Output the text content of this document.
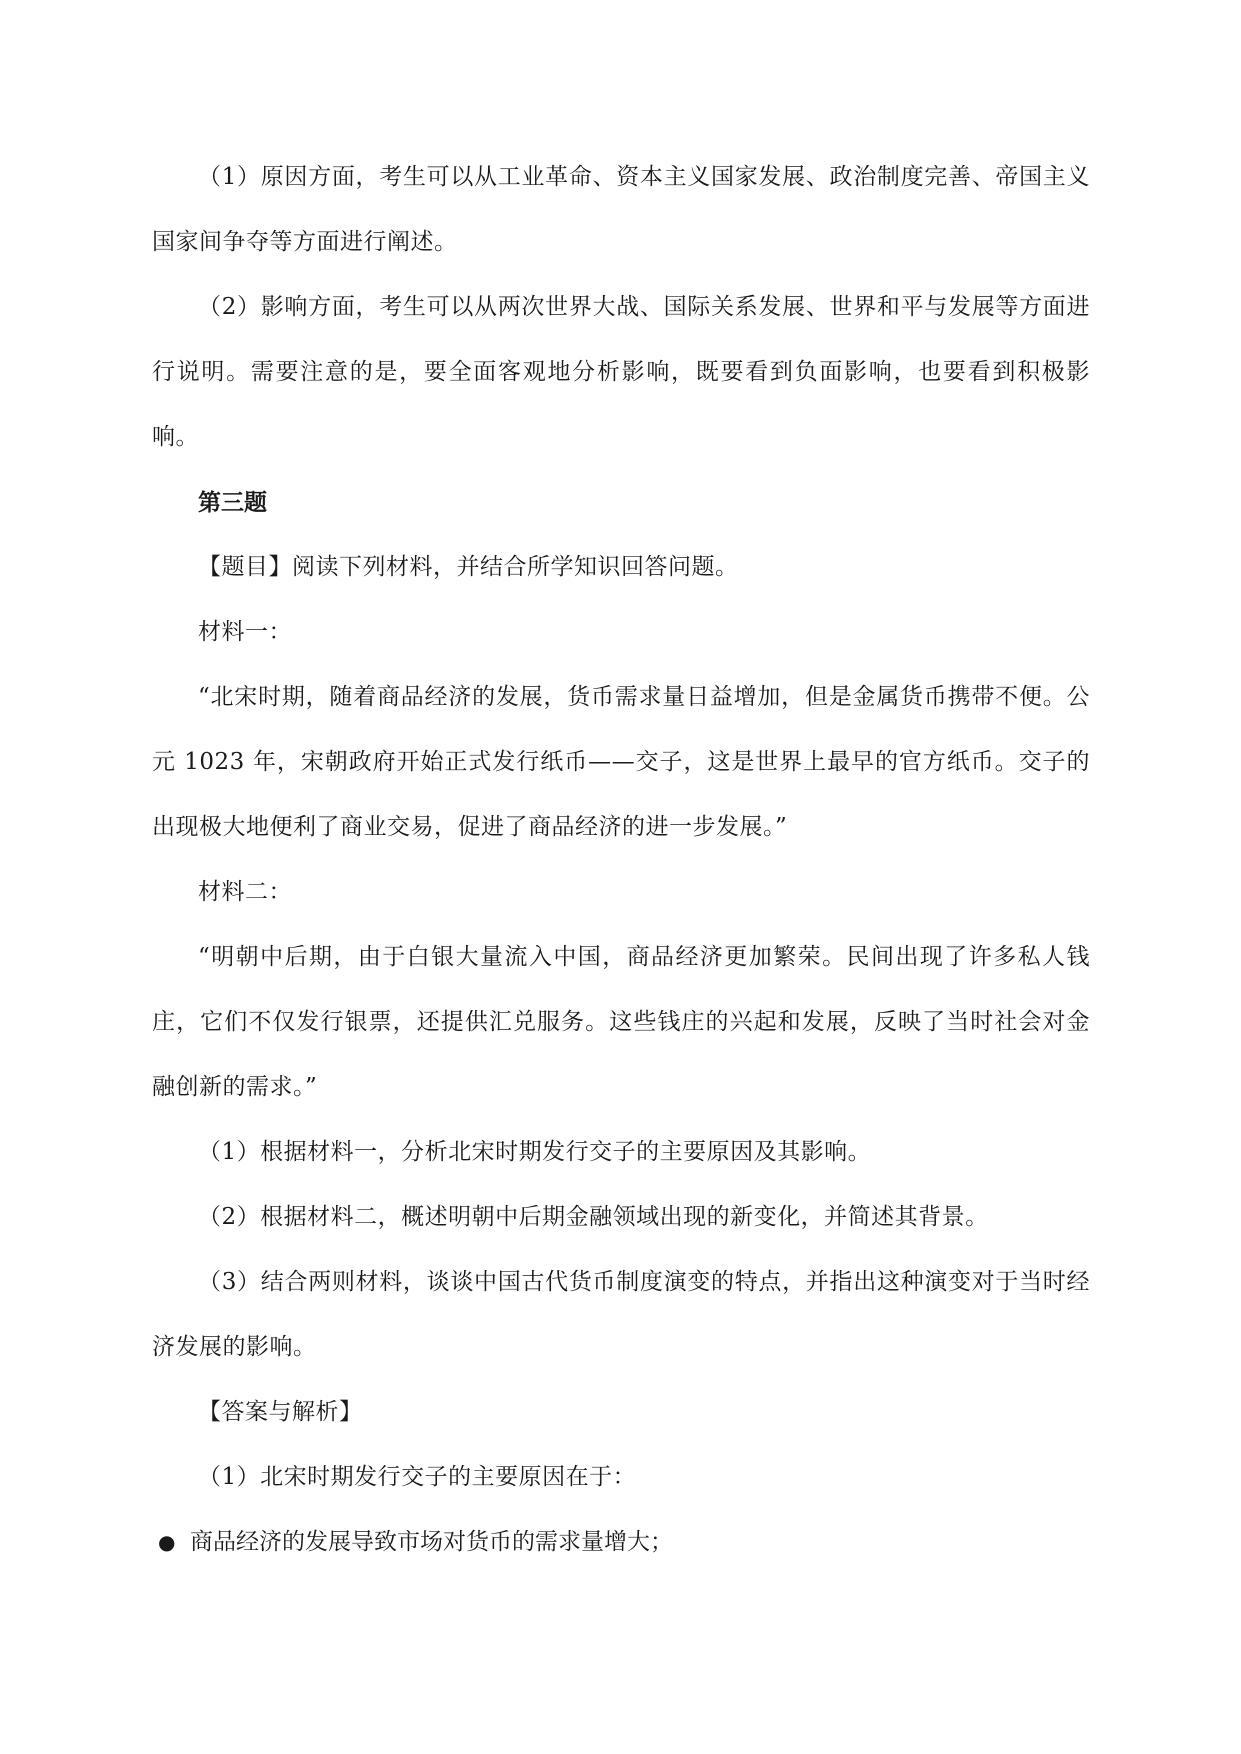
（1）原因方面，考生可以从工业革命、资本主义国家发展、政治制度完善、帝国主义国家间争夺等方面进行阐述。

（2）影响方面，考生可以从两次世界大战、国际关系发展、世界和平与发展等方面进行说明。需要注意的是，要全面客观地分析影响，既要看到负面影响，也要看到积极影响。

第三题

【题目】阅读下列材料，并结合所学知识回答问题。

材料一：

“北宋时期，随着商品经济的发展，货币需求量日益增加，但是金属货币携带不便。公元 1023 年，宋朝政府开始正式发行纸币——交子，这是世界上最早的官方纸币。交子的出现极大地便利了商业交易，促进了商品经济的进一步发展。”

材料二：

“明朝中后期，由于白银大量流入中国，商品经济更加繁荣。民间出现了许多私人钱庄，它们不仅发行银票，还提供汇兑服务。这些钱庄的兴起和发展，反映了当时社会对金融创新的需求。”

（1）根据材料一，分析北宋时期发行交子的主要原因及其影响。

（2）根据材料二，概述明朝中后期金融领域出现的新变化，并简述其背景。

（3）结合两则材料，谈谈中国古代货币制度演变的特点，并指出这种演变对于当时经济发展的影响。

【答案与解析】

（1）北宋时期发行交子的主要原因在于：

● 商品经济的发展导致市场对货币的需求量增大；
